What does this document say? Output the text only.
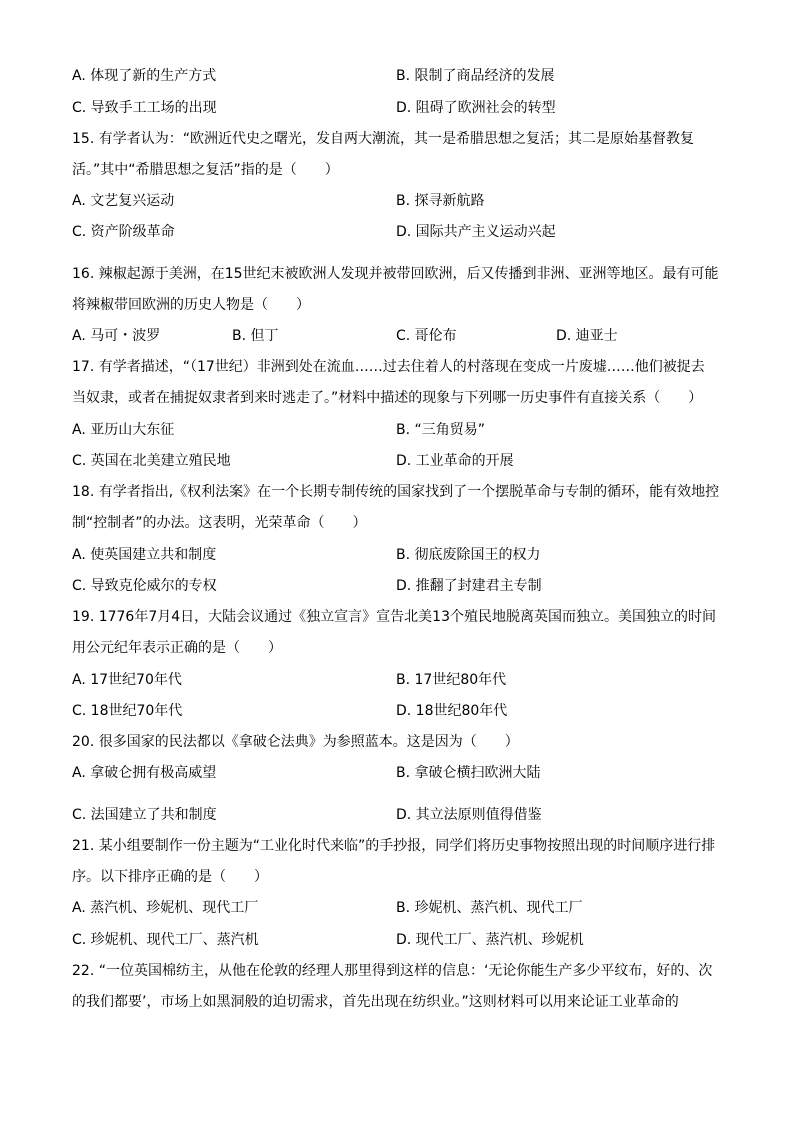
A. 体现了新的生产方式	B. 限制了商品经济的发展
C. 导致手工工场的出现	D. 阻碍了欧洲社会的转型
15. 有学者认为：“欧洲近代史之曙光，发自两大潮流，其一是希腊思想之复活；其二是原始基督教复
活。”其中“希腊思想之复活”指的是（　　）
A. 文艺复兴运动	B. 探寻新航路
C. 资产阶级革命	D. 国际共产主义运动兴起
16. 辣椒起源于美洲，在15世纪末被欧洲人发现并被带回欧洲，后又传播到非洲、亚洲等地区。最有可能
将辣椒带回欧洲的历史人物是（　　）
A. 马可・波罗	B. 但丁	C. 哥伦布	D. 迪亚士
17. 有学者描述，“（17世纪）非洲到处在流血……过去住着人的村落现在变成一片废墟……他们被捉去
当奴隶，或者在捕捉奴隶者到来时逃走了。”材料中描述的现象与下列哪一历史事件有直接关系（　　）
A. 亚历山大东征	B. “三角贸易”
C. 英国在北美建立殖民地	D. 工业革命的开展
18. 有学者指出,《权利法案》在一个长期专制传统的国家找到了一个摆脱革命与专制的循环，能有效地控
制“控制者”的办法。这表明，光荣革命（　　）
A. 使英国建立共和制度	B. 彻底废除国王的权力
C. 导致克伦威尔的专权	D. 推翻了封建君主专制
19. 1776年7月4日，大陆会议通过《独立宣言》宣告北美13个殖民地脱离英国而独立。美国独立的时间
用公元纪年表示正确的是（　　）
A. 17世纪70年代	B. 17世纪80年代
C. 18世纪70年代	D. 18世纪80年代
20. 很多国家的民法都以《拿破仑法典》为参照蓝本。这是因为（　　）
A. 拿破仑拥有极高威望	B. 拿破仑横扫欧洲大陆
C. 法国建立了共和制度	D. 其立法原则值得借鉴
21. 某小组要制作一份主题为“工业化时代来临”的手抄报，同学们将历史事物按照出现的时间顺序进行排
序。以下排序正确的是（　　）
A. 蒸汽机、珍妮机、现代工厂	B. 珍妮机、蒸汽机、现代工厂
C. 珍妮机、现代工厂、蒸汽机	D. 现代工厂、蒸汽机、珍妮机
22. “一位英国棉纺主，从他在伦敦的经理人那里得到这样的信息：‘无论你能生产多少平纹布，好的、次
的我们都要’，市场上如黑洞般的迫切需求，首先出现在纺织业。”这则材料可以用来论证工业革命的
